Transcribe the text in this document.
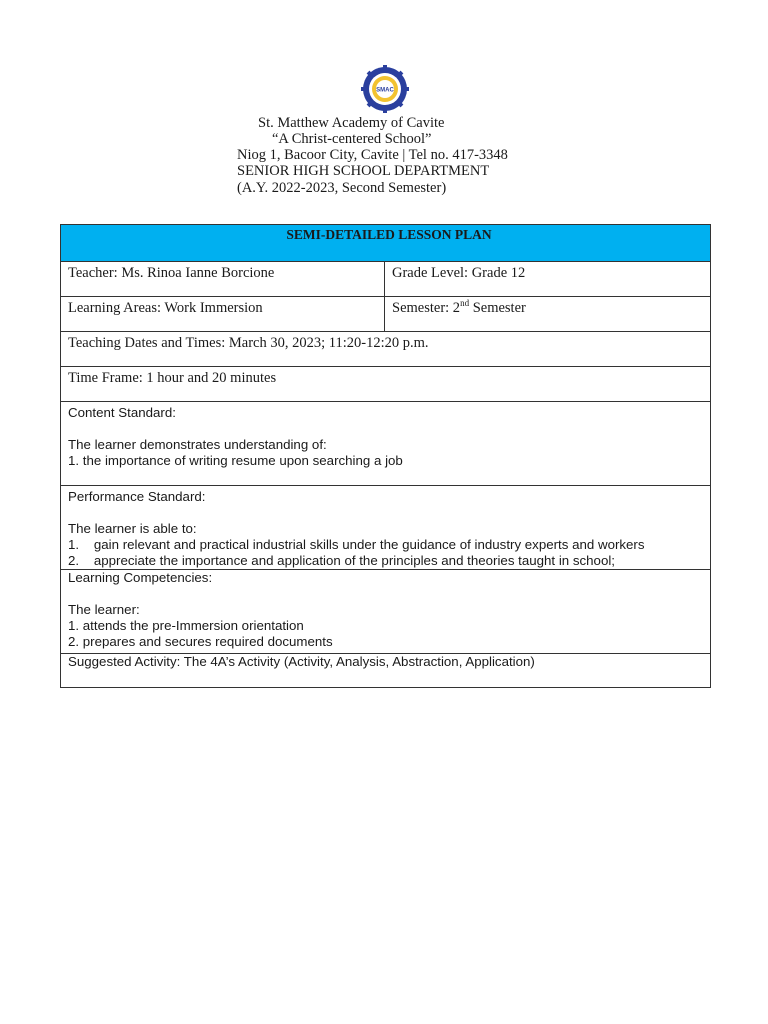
SMAC
St. Matthew Academy of Cavite
“A Christ-centered School”
Niog 1, Bacoor City, Cavite | Tel no. 417-3348
SENIOR HIGH SCHOOL DEPARTMENT
(A.Y. 2022-2023, Second Semester)
SEMI-DETAILED LESSON PLAN	

Teacher: Ms. Rinoa Ianne Borcione	Grade Level: Grade 12

Learning Areas: Work Immersion	Semester: 2nd Semester

Teaching Dates and Times: March 30, 2023; 11:20-12:20 p.m.	

Time Frame: 1 hour and 20 minutes	

Content Standard:

The learner demonstrates understanding of:

1. the importance of writing resume upon searching a job	

Performance Standard:

The learner is able to:

1.    gain relevant and practical industrial skills under the guidance of industry experts and workers

2.    appreciate the importance and application of the principles and theories taught in school;	

Learning Competencies:

The learner:

1. attends the pre-Immersion orientation

2. prepares and secures required documents	

Suggested Activity: The 4A’s Activity (Activity, Analysis, Abstraction, Application)	
